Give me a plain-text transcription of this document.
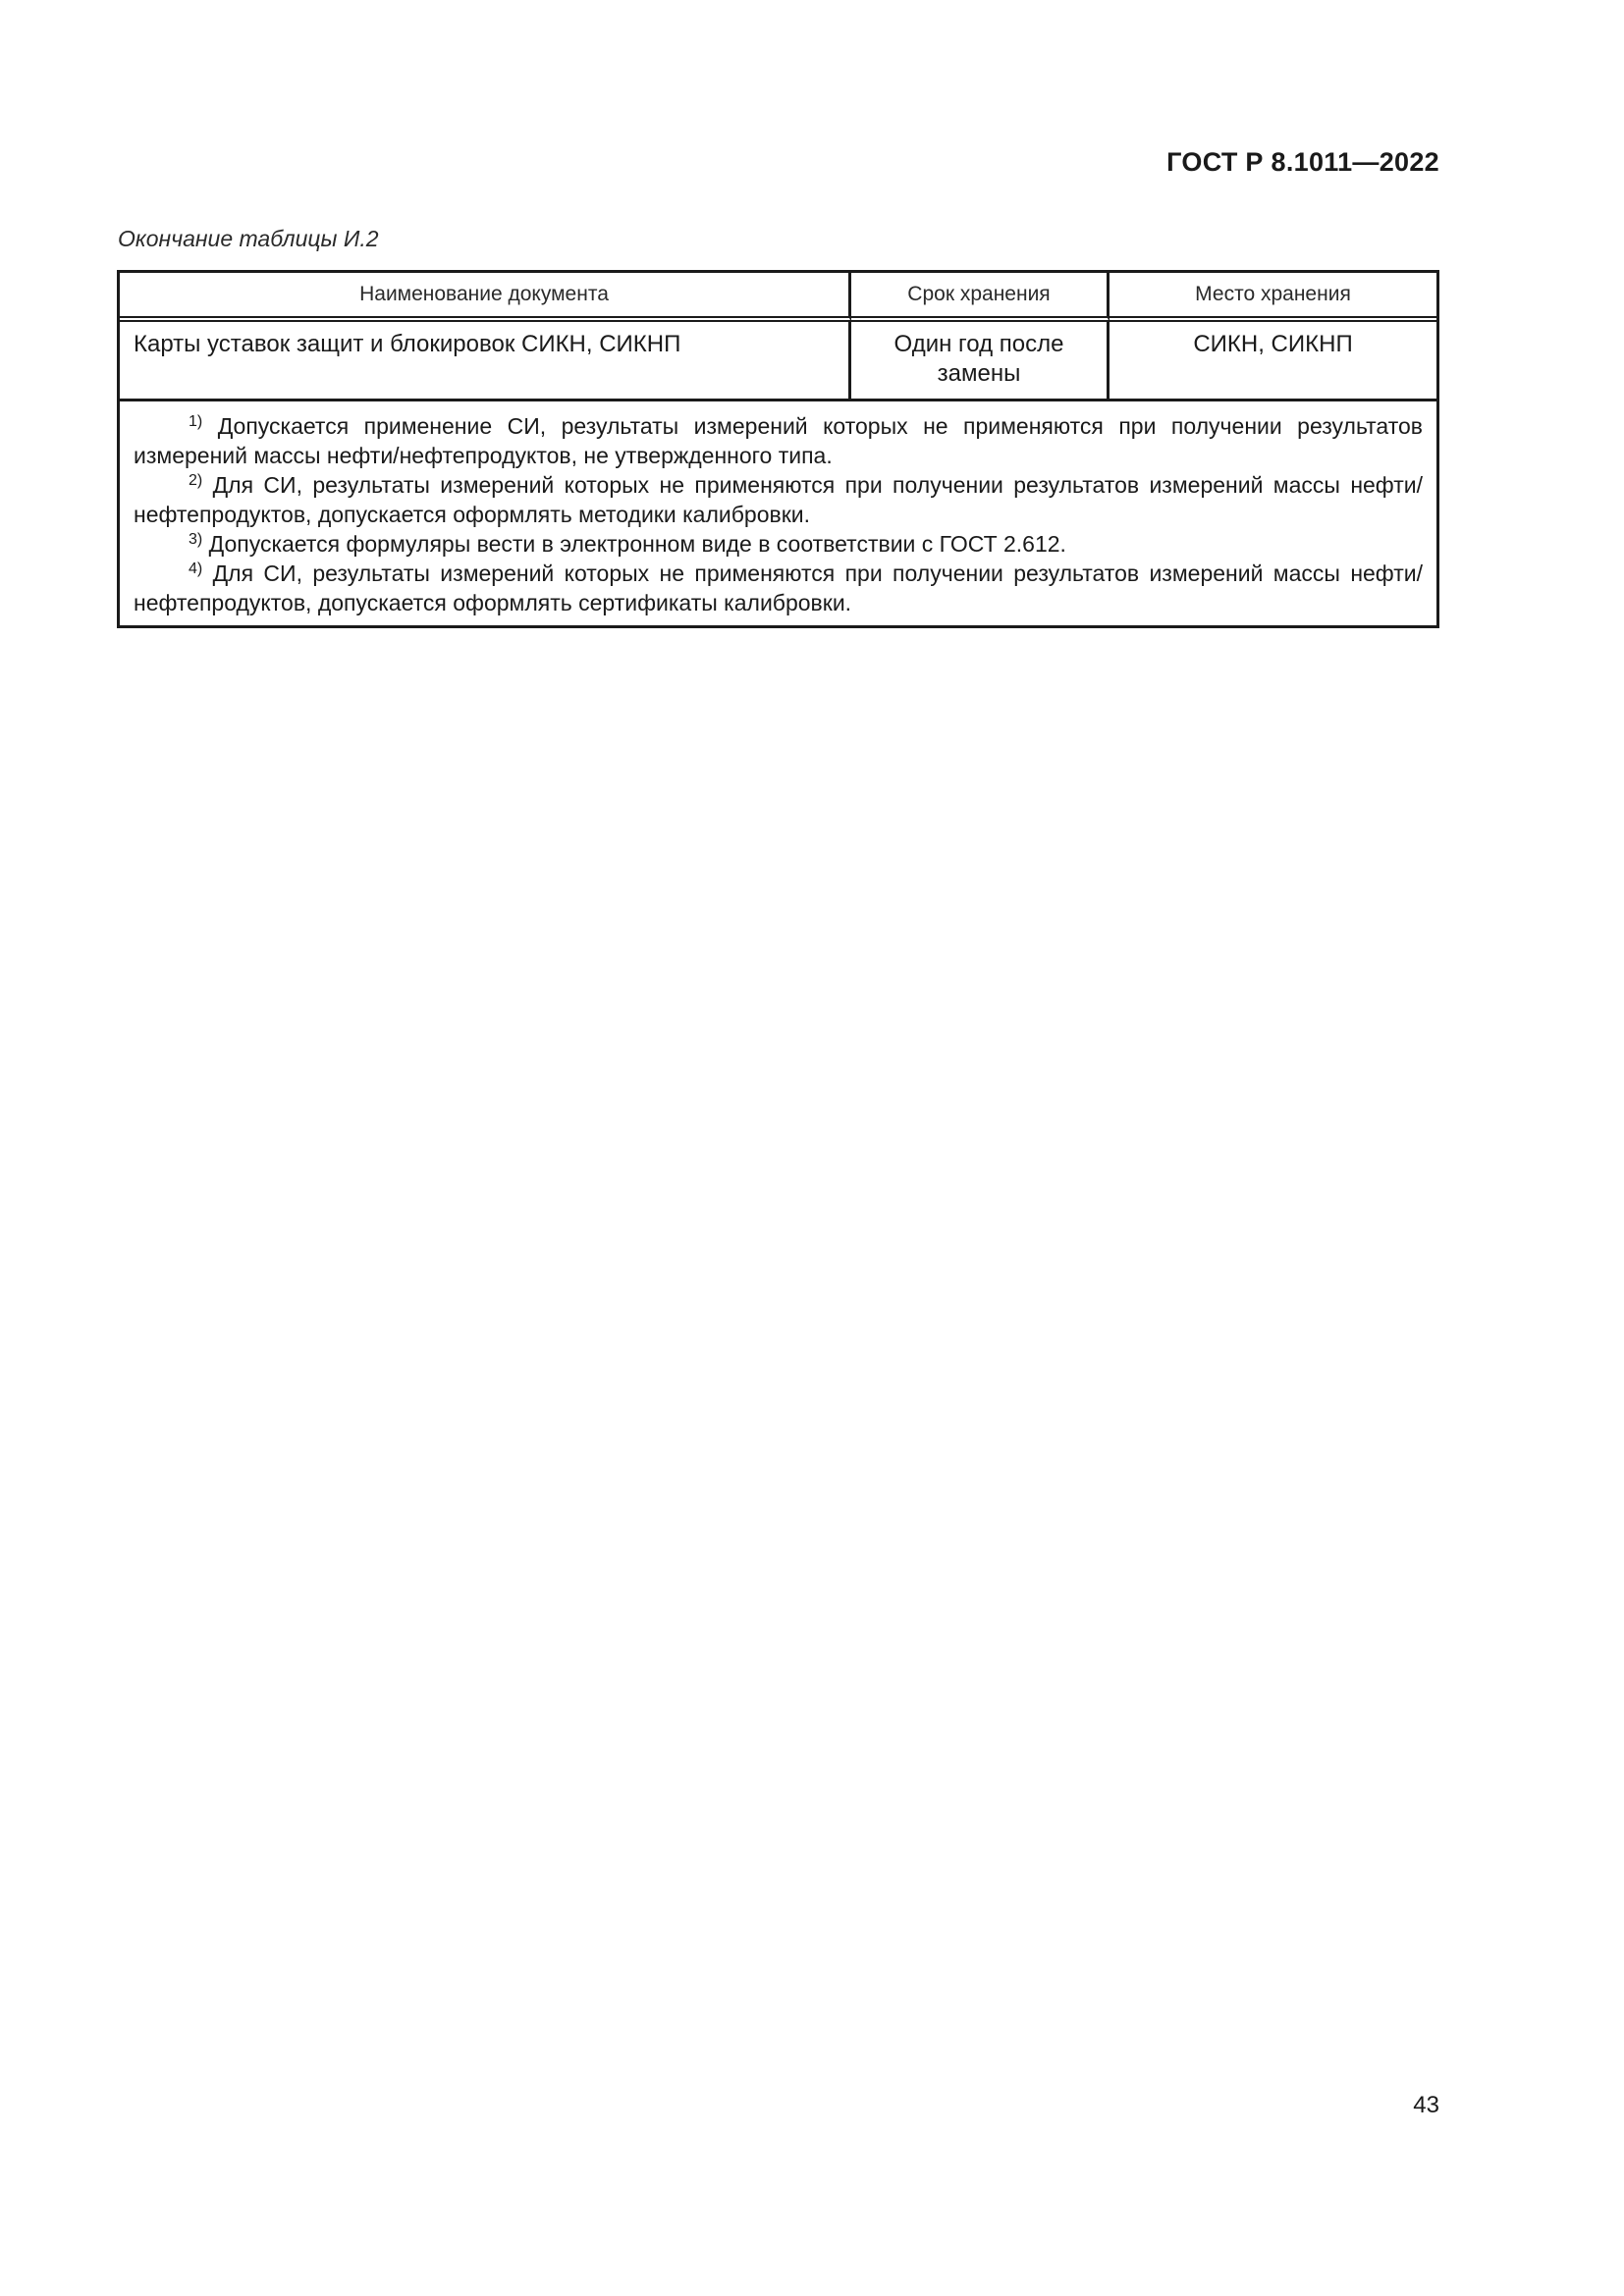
ГОСТ Р 8.1011—2022
Окончание таблицы И.2
Наименование документа	Срок хранения	Место хранения
Карты уставок защит и блокировок СИКН, СИКНП	Один год после замены	СИКН, СИКНП

$^{1)}$ Допускается применение СИ, результаты измерений которых не применяются при получении результатов измерений массы нефти/нефтепродуктов, не утвержденного типа.

$^{2)}$ Для СИ, результаты измерений которых не применяются при получении результатов измерений массы нефти/нефтепродуктов, допускается оформлять методики калибровки.

$^{3)}$ Допускается формуляры вести в электронном виде в соответствии с ГОСТ 2.612.

$^{4)}$ Для СИ, результаты измерений которых не применяются при получении результатов измерений массы нефти/нефтепродуктов, допускается оформлять сертификаты калибровки.		

43
